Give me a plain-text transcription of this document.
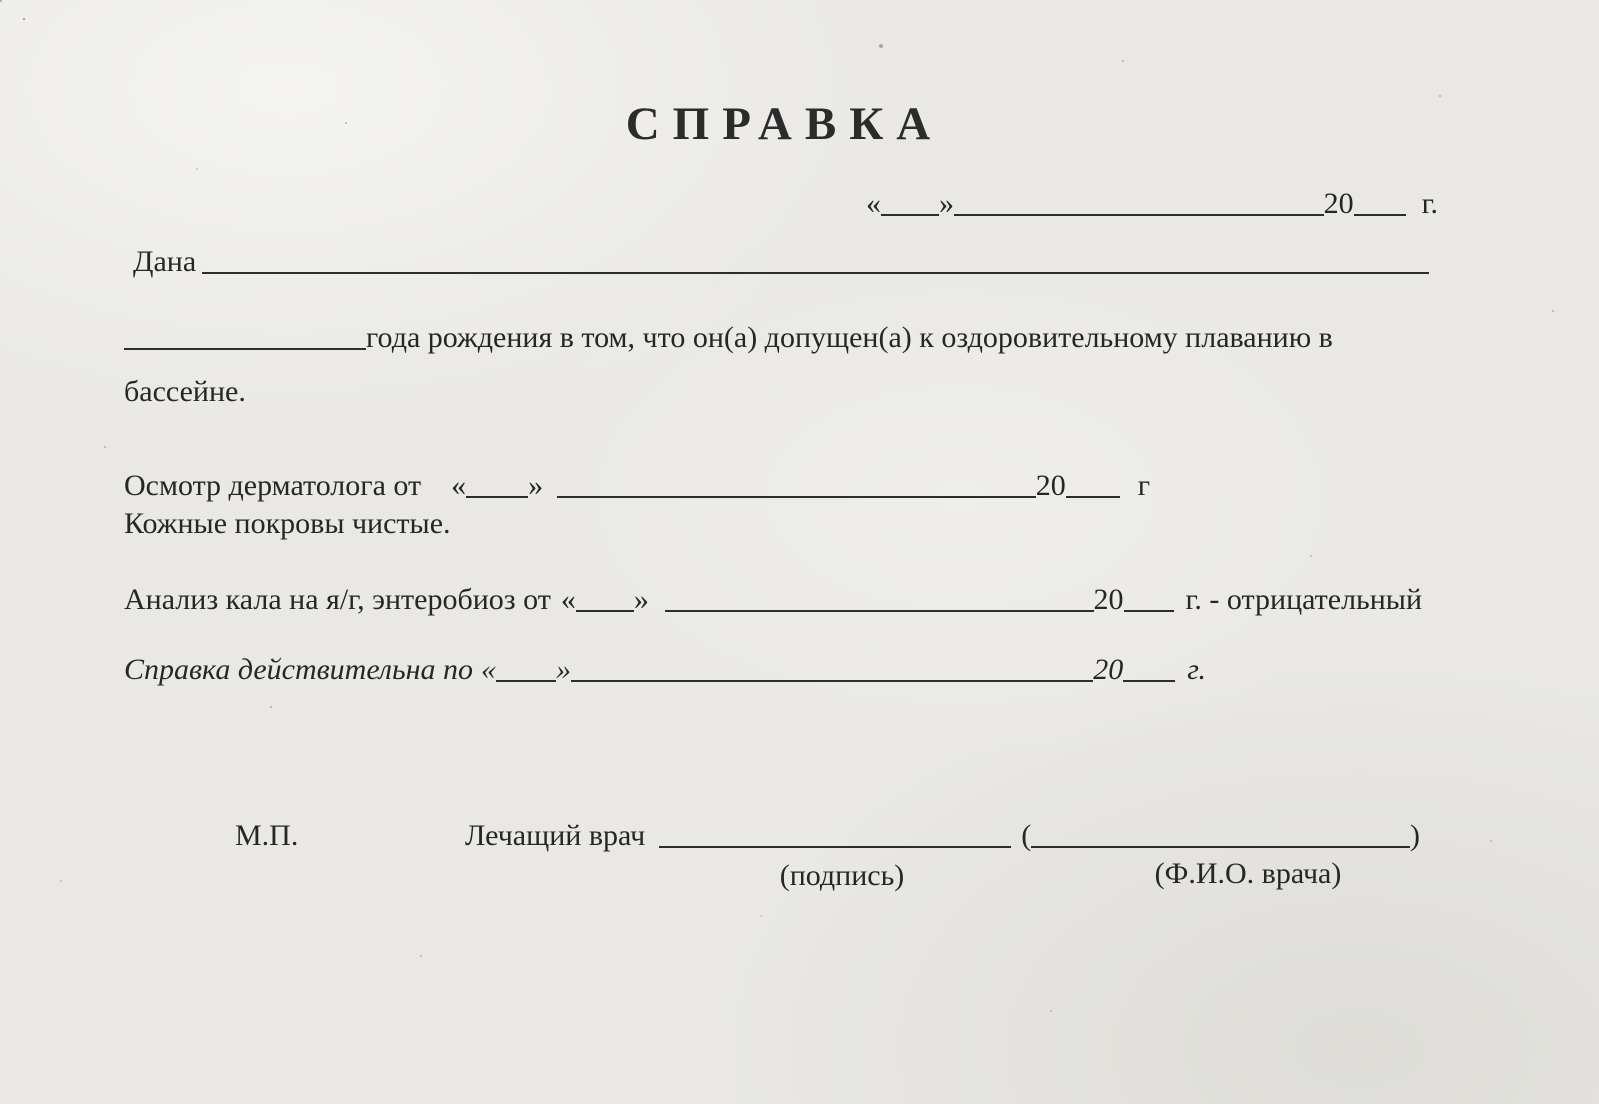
СПРАВКА
« »	20 г.
Дана
года рождения в том, что он(а) допущен(а) к оздоровительному плаванию в
бассейне.
Осмотр дерматолога от « »	20 г
Кожные покровы чистые.
Анализ кала на я/г, энтеробиоз от « »	20 г. - отрицательный
Справка действительна по « »	20 г.
М.П.	Лечащий врач	(	)
(подпись)	(Ф.И.О. врача)
